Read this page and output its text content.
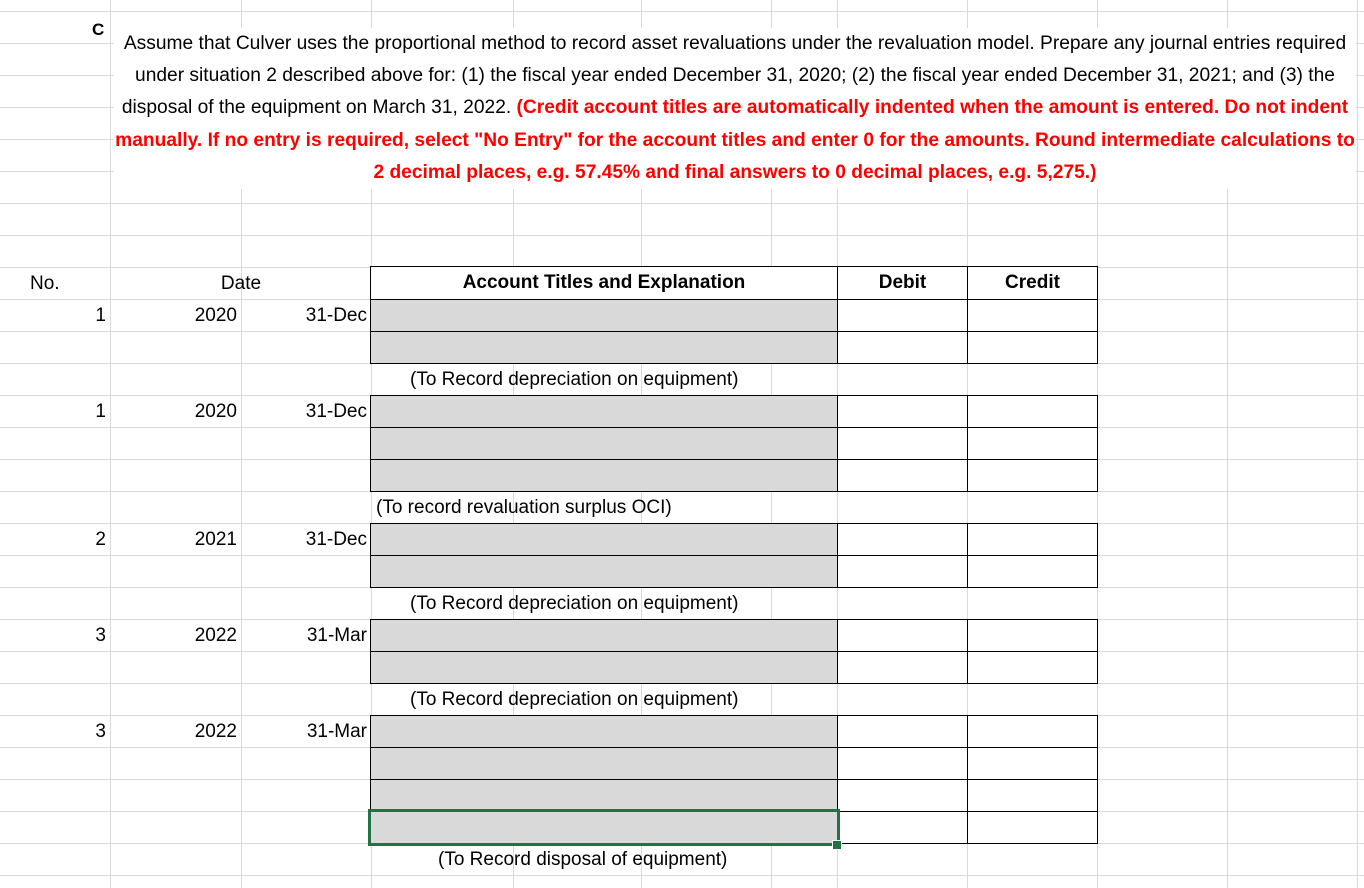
C
Assume that Culver uses the proportional method to record asset revaluations under the revaluation model. Prepare any journal entries required under situation 2 described above for: (1) the fiscal year ended December 31, 2020; (2) the fiscal year ended December 31, 2021; and (3) the disposal of the equipment on March 31, 2022. (Credit account titles are automatically indented when the amount is entered. Do not indent manually. If no entry is required, select "No Entry" for the account titles and enter 0 for the amounts. Round intermediate calculations to 2 decimal places, e.g. 57.45% and final answers to 0 decimal places, e.g. 5,275.)
No.	Date	Account Titles and Explanation	Debit	Credit
1	2020	31-Dec
(To Record depreciation on equipment)
1	2020	31-Dec
(To record revaluation surplus OCI)
2	2021	31-Dec
(To Record depreciation on equipment)
3	2022	31-Mar
(To Record depreciation on equipment)
3	2022	31-Mar
(To Record disposal of equipment)
